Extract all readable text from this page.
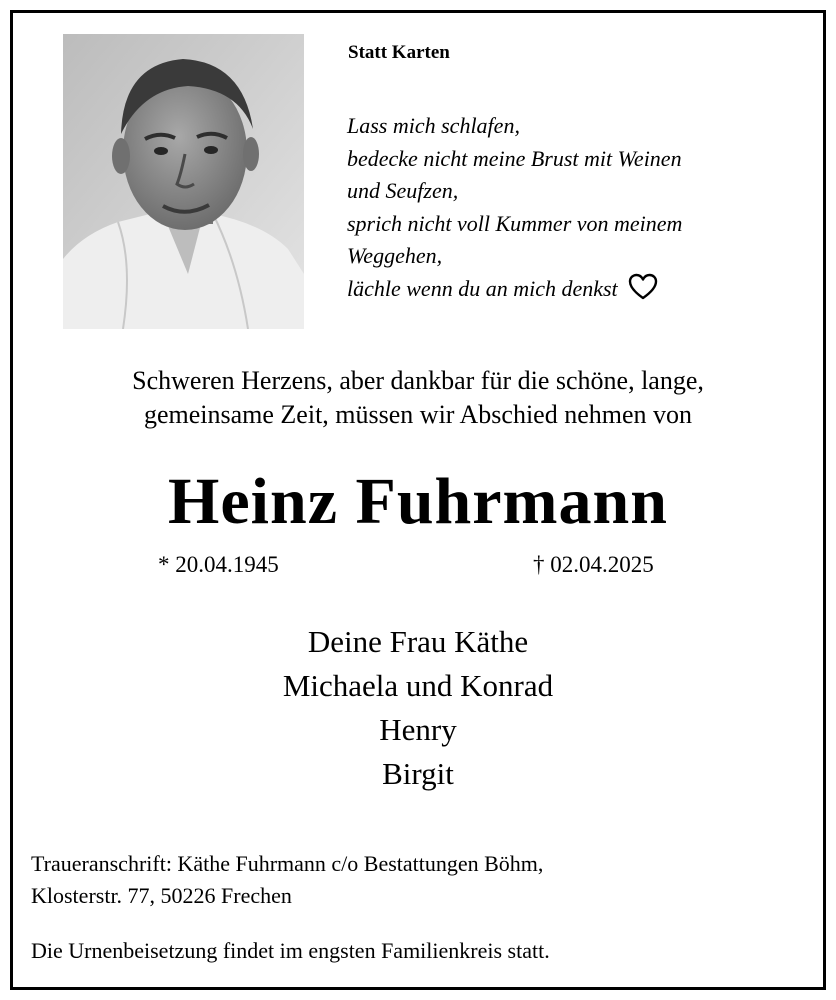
Statt Karten
Lass mich schlafen,
bedecke nicht meine Brust mit Weinen
und Seufzen,
sprich nicht voll Kummer von meinem
Weggehen,
lächle wenn du an mich denkst
Schweren Herzens, aber dankbar für die schöne, lange,
gemeinsame Zeit, müssen wir Abschied nehmen von
Heinz Fuhrmann
* 20.04.1945	† 02.04.2025
Deine Frau Käthe
Michaela und Konrad
Henry
Birgit
Traueranschrift: Käthe Fuhrmann c/o Bestattungen Böhm,
Klosterstr. 77, 50226 Frechen
Die Urnenbeisetzung findet im engsten Familienkreis statt.
